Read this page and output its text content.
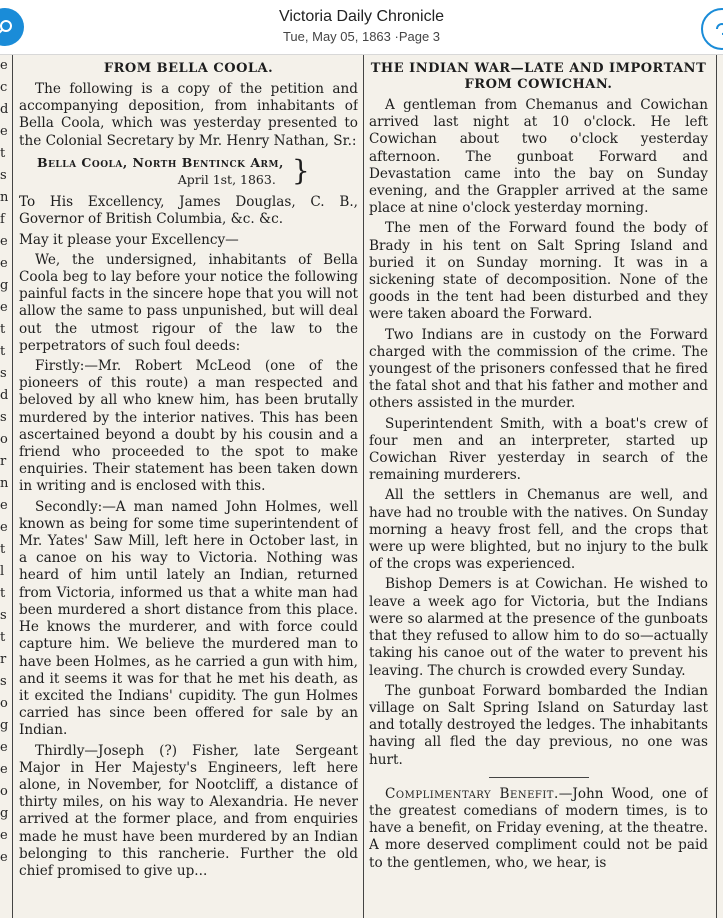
Victoria Daily Chronicle
Tue, May 05, 1863 ·Page 3
e
c
d
e
t
s
n
f
e
e
g
e
t
t
s
d
s
o
r
n
e
e
t
l
t
s
t
r
s
o
g
e
e
o
g
e
e
FROM BELLA COOLA.

The following is a copy of the petition and accompanying deposition, from inhabitants of Bella Coola, which was yesterday presented to the Colonial Secretary by Mr. Henry Nathan, Sr.:

Bella Coola, North Bentinck Arm,
April 1st, 1863. }

To His Excellency, James Douglas, C. B., Governor of British Columbia, &c. &c.

May it please your Excellency—

We, the undersigned, inhabitants of Bella Coola beg to lay before your notice the following painful facts in the sincere hope that you will not allow the same to pass unpunished, but will deal out the utmost rigour of the law to the perpetrators of such foul deeds:

Firstly:—Mr. Robert McLeod (one of the pioneers of this route) a man respected and beloved by all who knew him, has been brutally murdered by the interior natives. This has been ascertained beyond a doubt by his cousin and a friend who proceeded to the spot to make enquiries. Their statement has been taken down in writing and is enclosed with this.

Secondly:—A man named John Holmes, well known as being for some time superintendent of Mr. Yates' Saw Mill, left here in October last, in a canoe on his way to Victoria. Nothing was heard of him until lately an Indian, returned from Victoria, informed us that a white man had been murdered a short distance from this place. He knows the murderer, and with force could capture him. We believe the murdered man to have been Holmes, as he carried a gun with him, and it seems it was for that he met his death, as it excited the Indians' cupidity. The gun Holmes carried has since been offered for sale by an Indian.

Thirdly—Joseph (?) Fisher, late Sergeant Major in Her Majesty's Engineers, left here alone, in November, for Nootcliff, a distance of thirty miles, on his way to Alexandria. He never arrived at the former place, and from enquiries made he must have been murdered by an Indian belonging to this rancherie. Further the old chief promised to give up...

THE INDIAN WAR—LATE AND IMPORTANT FROM COWICHAN.

A gentleman from Chemanus and Cowichan arrived last night at 10 o'clock. He left Cowichan about two o'clock yesterday afternoon. The gunboat Forward and Devastation came into the bay on Sunday evening, and the Grappler arrived at the same place at nine o'clock yesterday morning.

The men of the Forward found the body of Brady in his tent on Salt Spring Island and buried it on Sunday morning. It was in a sickening state of decomposition. None of the goods in the tent had been disturbed and they were taken aboard the Forward.

Two Indians are in custody on the Forward charged with the commission of the crime. The youngest of the prisoners confessed that he fired the fatal shot and that his father and mother and others assisted in the murder.

Superintendent Smith, with a boat's crew of four men and an interpreter, started up Cowichan River yesterday in search of the remaining murderers.

All the settlers in Chemanus are well, and have had no trouble with the natives. On Sunday morning a heavy frost fell, and the crops that were up were blighted, but no injury to the bulk of the crops was experienced.

Bishop Demers is at Cowichan. He wished to leave a week ago for Victoria, but the Indians were so alarmed at the presence of the gunboats that they refused to allow him to do so—actually taking his canoe out of the water to prevent his leaving. The church is crowded every Sunday.

The gunboat Forward bombarded the Indian village on Salt Spring Island on Saturday last and totally destroyed the ledges. The inhabitants having all fled the day previous, no one was hurt.

Complimentary Benefit.—John Wood, one of the greatest comedians of modern times, is to have a benefit, on Friday evening, at the theatre. A more deserved compliment could not be paid to the gentlemen, who, we hear, is
